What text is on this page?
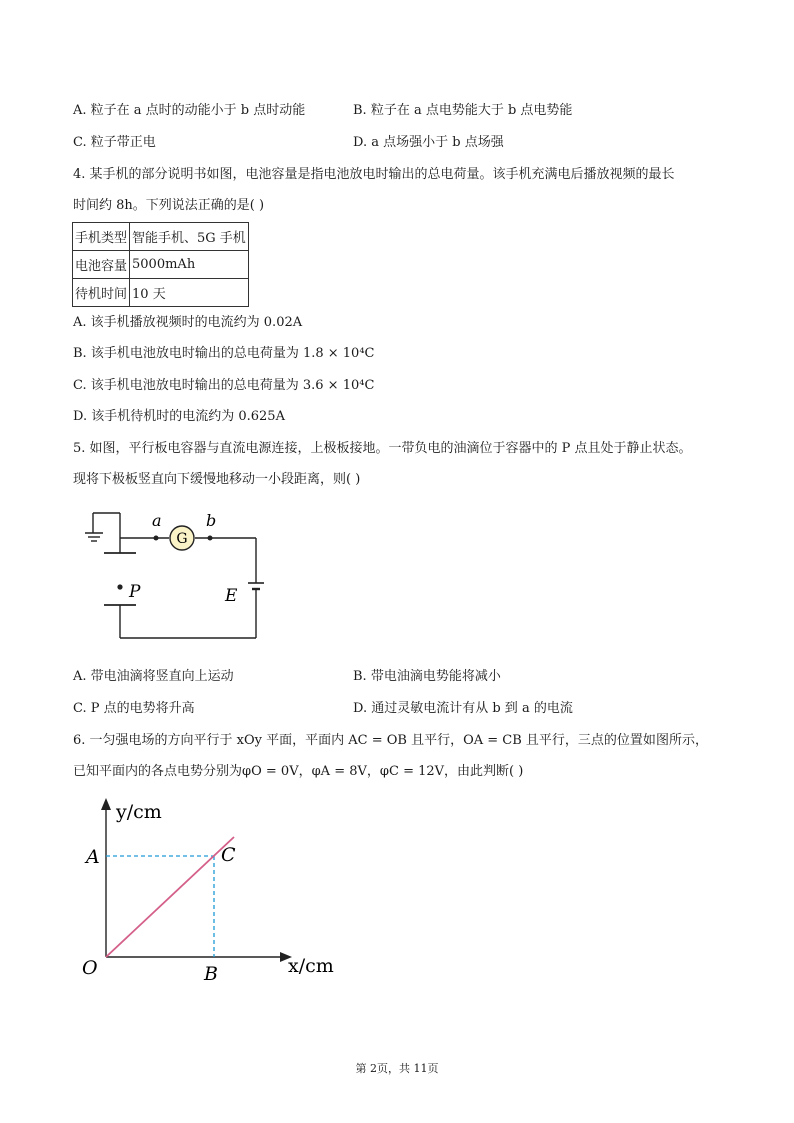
A. 粒子在 a 点时的动能小于 b 点时动能	B. 粒子在 a 点电势能大于 b 点电势能
C. 粒子带正电	D. a 点场强小于 b 点场强
4. 某手机的部分说明书如图，电池容量是指电池放电时输出的总电荷量。该手机充满电后播放视频的最长
时间约 8h。下列说法正确的是( )
手机类型	智能手机、5G 手机
电池容量	5000mAh
待机时间	10 天
A. 该手机播放视频时的电流约为 0.02A
B. 该手机电池放电时输出的总电荷量为 1.8 × 10⁴C
C. 该手机电池放电时输出的总电荷量为 3.6 × 10⁴C
D. 该手机待机时的电流约为 0.625A
5. 如图，平行板电容器与直流电源连接，上极板接地。一带负电的油滴位于容器中的 P 点且处于静止状态。
现将下极板竖直向下缓慢地移动一小段距离，则( )
G
a	b
P	E
A. 带电油滴将竖直向上运动	B. 带电油滴电势能将减小
C. P 点的电势将升高	D. 通过灵敏电流计有从 b 到 a 的电流
6. 一匀强电场的方向平行于 xOy 平面，平面内 AC = OB 且平行，OA = CB 且平行，三点的位置如图所示，
已知平面内的各点电势分别为φO = 0V，φA = 8V，φC = 12V，由此判断( )
y/cm
x/cm
O
A
B
C
第 2页，共 11页
